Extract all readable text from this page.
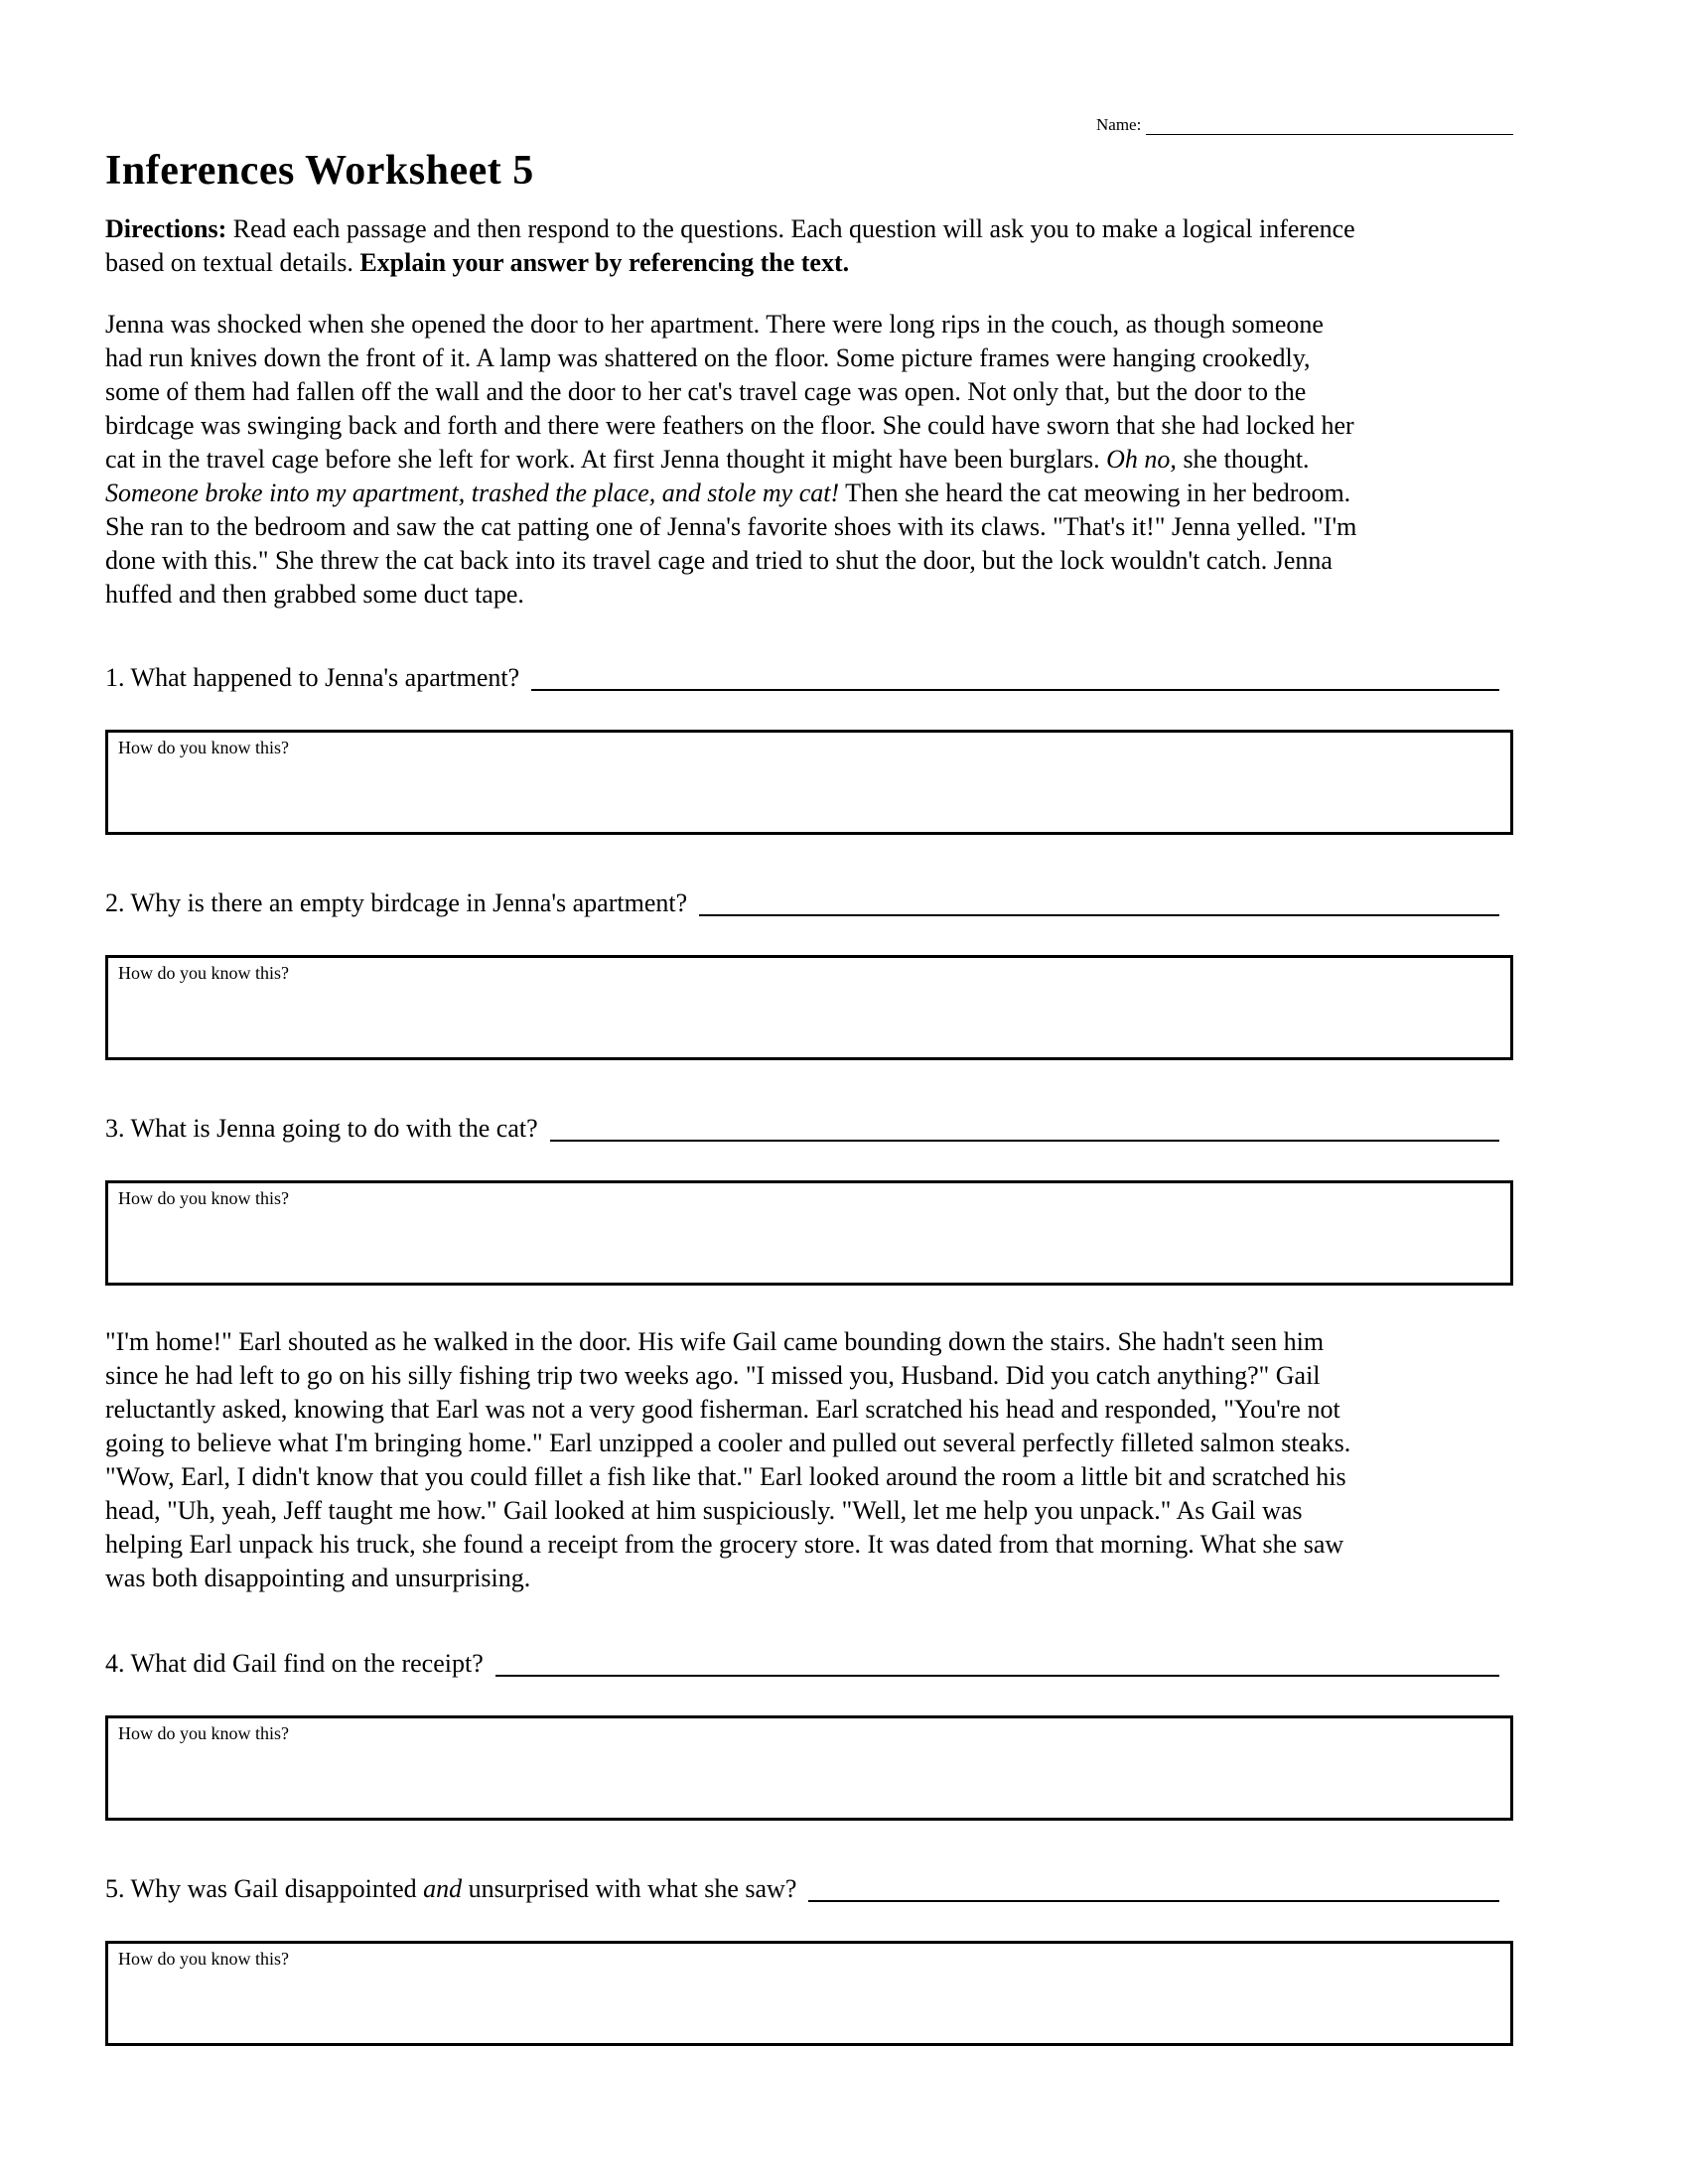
Name:
Inferences Worksheet 5

Directions: Read each passage and then respond to the questions. Each question will ask you to make a logical inference based on textual details. Explain your answer by referencing the text.

Jenna was shocked when she opened the door to her apartment. There were long rips in the couch, as though someone had run knives down the front of it. A lamp was shattered on the floor. Some picture frames were hanging crookedly, some of them had fallen off the wall and the door to her cat's travel cage was open. Not only that, but the door to the birdcage was swinging back and forth and there were feathers on the floor. She could have sworn that she had locked her cat in the travel cage before she left for work. At first Jenna thought it might have been burglars. Oh no, she thought. Someone broke into my apartment, trashed the place, and stole my cat! Then she heard the cat meowing in her bedroom. She ran to the bedroom and saw the cat patting one of Jenna's favorite shoes with its claws. "That's it!" Jenna yelled. "I'm done with this." She threw the cat back into its travel cage and tried to shut the door, but the lock wouldn't catch. Jenna huffed and then grabbed some duct tape.

1. What happened to Jenna's apartment?
How do you know this?
2. Why is there an empty birdcage in Jenna's apartment?
How do you know this?
3. What is Jenna going to do with the cat?
How do you know this?

"I'm home!" Earl shouted as he walked in the door. His wife Gail came bounding down the stairs. She hadn't seen him since he had left to go on his silly fishing trip two weeks ago. "I missed you, Husband. Did you catch anything?" Gail reluctantly asked, knowing that Earl was not a very good fisherman. Earl scratched his head and responded, "You're not going to believe what I'm bringing home." Earl unzipped a cooler and pulled out several perfectly filleted salmon steaks. "Wow, Earl, I didn't know that you could fillet a fish like that." Earl looked around the room a little bit and scratched his head, "Uh, yeah, Jeff taught me how." Gail looked at him suspiciously. "Well, let me help you unpack." As Gail was helping Earl unpack his truck, she found a receipt from the grocery store. It was dated from that morning. What she saw was both disappointing and unsurprising.

4. What did Gail find on the receipt?
How do you know this?
5. Why was Gail disappointed and unsurprised with what she saw?
How do you know this?
